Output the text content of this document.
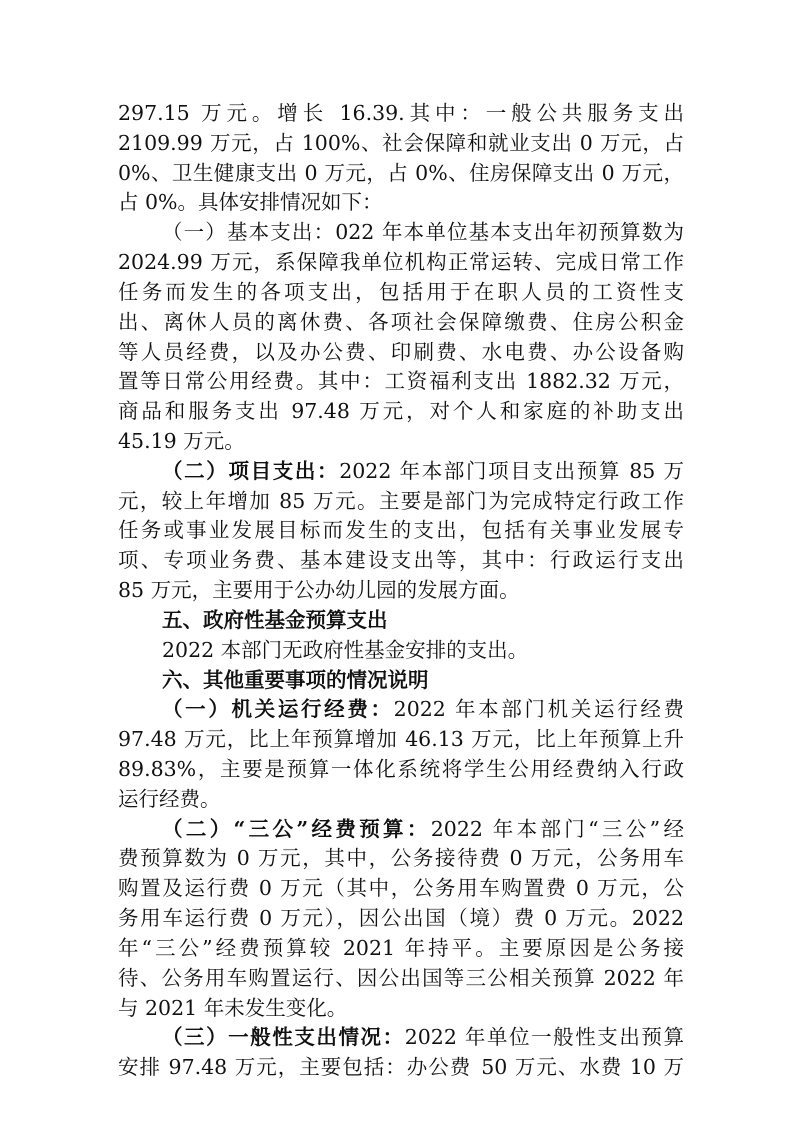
297.15 万元。增长 16.39.其中：一般公共服务支出
2109.99 万元，占 100%、社会保障和就业支出 0 万元，占
0%、卫生健康支出 0 万元，占 0%、住房保障支出 0 万元，
占 0%。具体安排情况如下：
（一）基本支出：022 年本单位基本支出年初预算数为
2024.99 万元，系保障我单位机构正常运转、完成日常工作
任务而发生的各项支出，包括用于在职人员的工资性支
出、离休人员的离休费、各项社会保障缴费、住房公积金
等人员经费，以及办公费、印刷费、水电费、办公设备购
置等日常公用经费。其中：工资福利支出 1882.32 万元，
商品和服务支出 97.48 万元，对个人和家庭的补助支出
45.19 万元。
（二）项目支出：2022 年本部门项目支出预算 85 万
元，较上年增加 85 万元。主要是部门为完成特定行政工作
任务或事业发展目标而发生的支出，包括有关事业发展专
项、专项业务费、基本建设支出等，其中：行政运行支出
85 万元，主要用于公办幼儿园的发展方面。
五、政府性基金预算支出
2022 本部门无政府性基金安排的支出。
六、其他重要事项的情况说明
（一）机关运行经费：2022 年本部门机关运行经费
97.48 万元，比上年预算增加 46.13 万元，比上年预算上升
89.83%，主要是预算一体化系统将学生公用经费纳入行政
运行经费。
（二）“三公”经费预算：2022 年本部门“三公”经
费预算数为 0 万元，其中，公务接待费 0 万元，公务用车
购置及运行费 0 万元（其中，公务用车购置费 0 万元，公
务用车运行费 0 万元），因公出国（境）费 0 万元。2022
年“三公”经费预算较 2021 年持平。主要原因是公务接
待、公务用车购置运行、因公出国等三公相关预算 2022 年
与 2021 年未发生变化。
（三）一般性支出情况：2022 年单位一般性支出预算
安排 97.48 万元，主要包括：办公费 50 万元、水费 10 万
